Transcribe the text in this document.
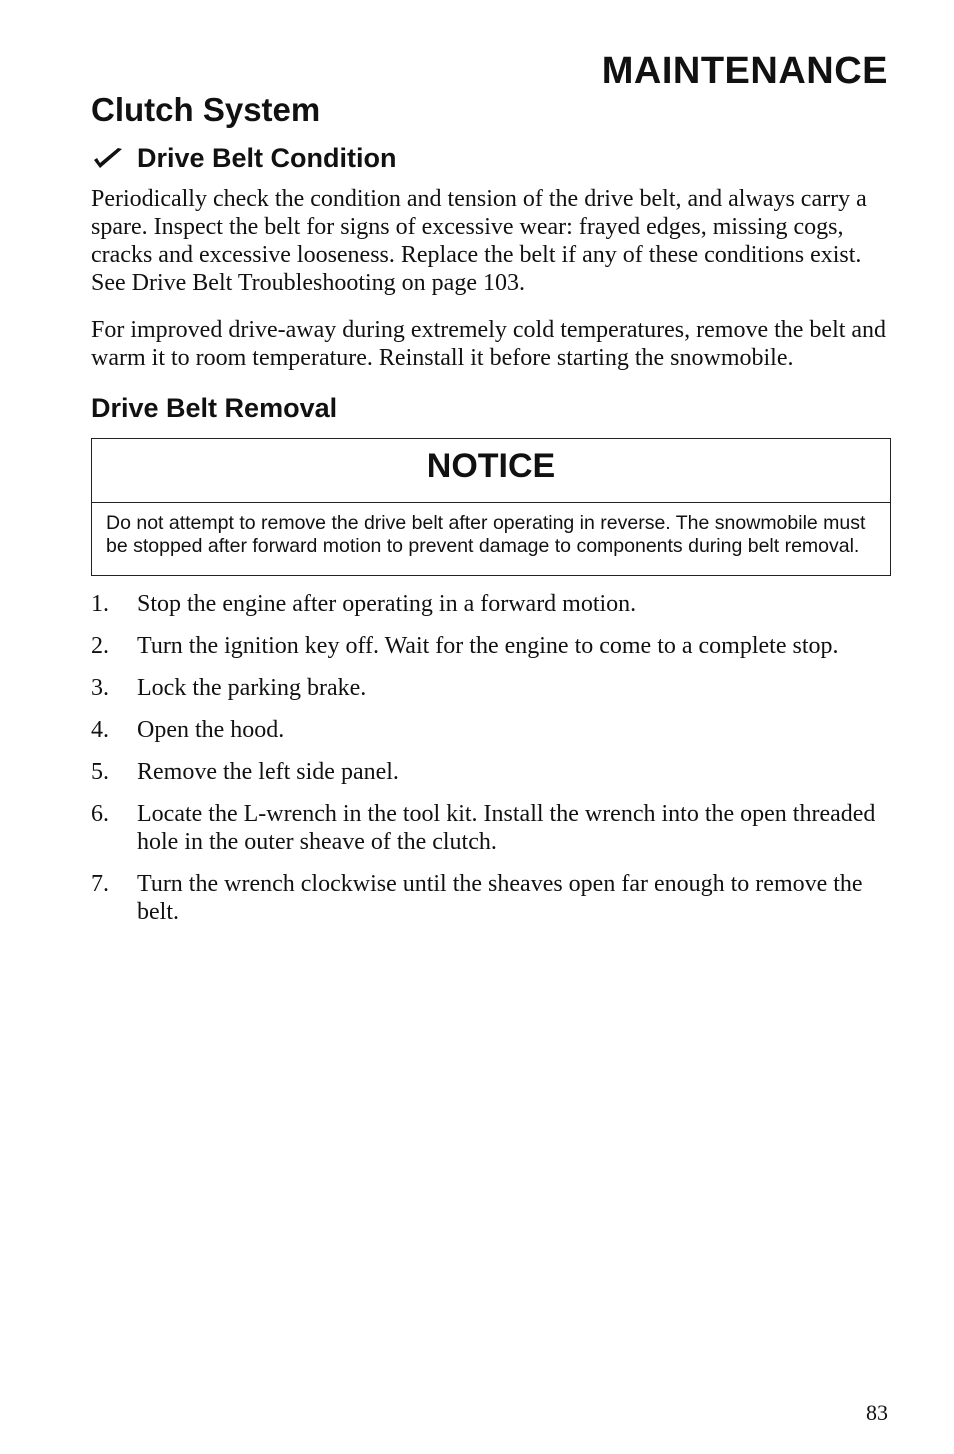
MAINTENANCE
Clutch System
Drive Belt Condition

Periodically check the condition and tension of the drive belt, and always carry a spare. Inspect the belt for signs of excessive wear: frayed edges, missing cogs, cracks and excessive looseness. Replace the belt if any of these conditions exist. See Drive Belt Troubleshooting on page 103.

For improved drive-away during extremely cold temperatures, remove the belt and warm it to room temperature. Reinstall it before starting the snowmobile.

Drive Belt Removal
NOTICE
Do not attempt to remove the drive belt after operating in reverse. The snowmobile must be stopped after forward motion to prevent damage to components during belt removal.
1.	Stop the engine after operating in a forward motion.
2.	Turn the ignition key off. Wait for the engine to come to a complete stop.
3.	Lock the parking brake.
4.	Open the hood.
5.	Remove the left side panel.
6.	Locate the L-wrench in the tool kit. Install the wrench into the open threaded hole in the outer sheave of the clutch.
7.	Turn the wrench clockwise until the sheaves open far enough to remove the belt.
83
